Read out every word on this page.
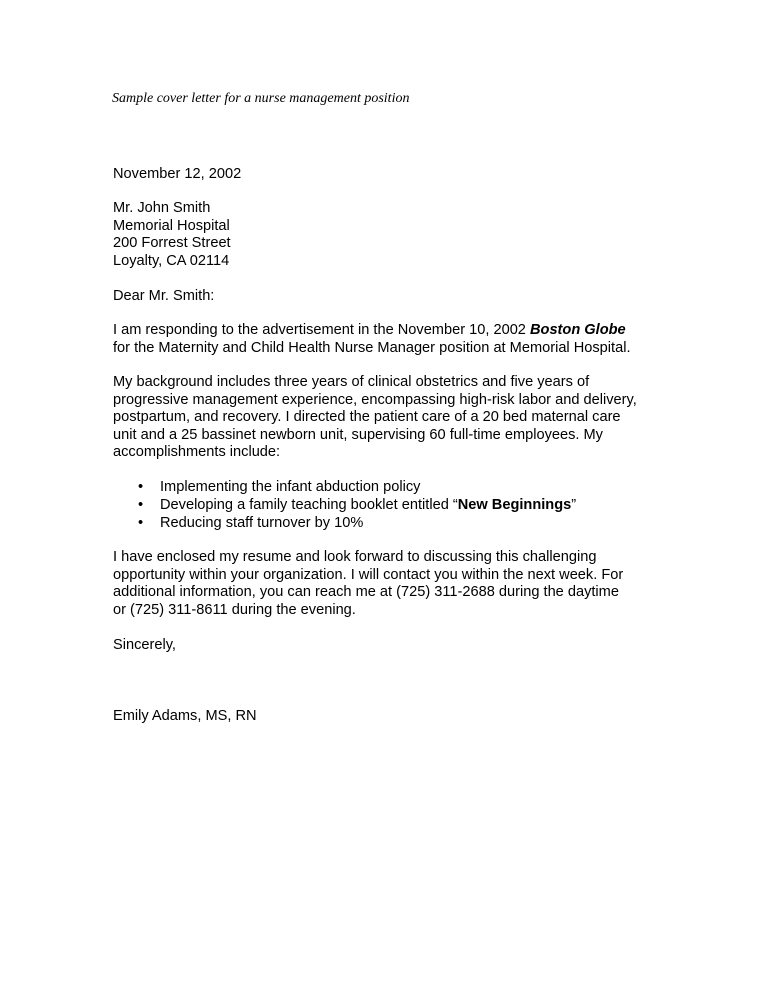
Sample cover letter for a nurse management position

November 12, 2002

Mr. John Smith
Memorial Hospital
200 Forrest Street
Loyalty, CA 02114

Dear Mr. Smith:

I am responding to the advertisement in the November 10, 2002 Boston Globe
for the Maternity and Child Health Nurse Manager position at Memorial Hospital.
My background includes three years of clinical obstetrics and five years of
progressive management experience, encompassing high-risk labor and delivery,
postpartum, and recovery. I directed the patient care of a 20 bed maternal care
unit and a 25 bassinet newborn unit, supervising 60 full-time employees. My
accomplishments include:
• Implementing the infant abduction policy
• Developing a family teaching booklet entitled “New Beginnings”
• Reducing staff turnover by 10%
I have enclosed my resume and look forward to discussing this challenging
opportunity within your organization. I will contact you within the next week. For
additional information, you can reach me at (725) 311-2688 during the daytime
or (725) 311-8611 during the evening.

Sincerely,

Emily Adams, MS, RN
